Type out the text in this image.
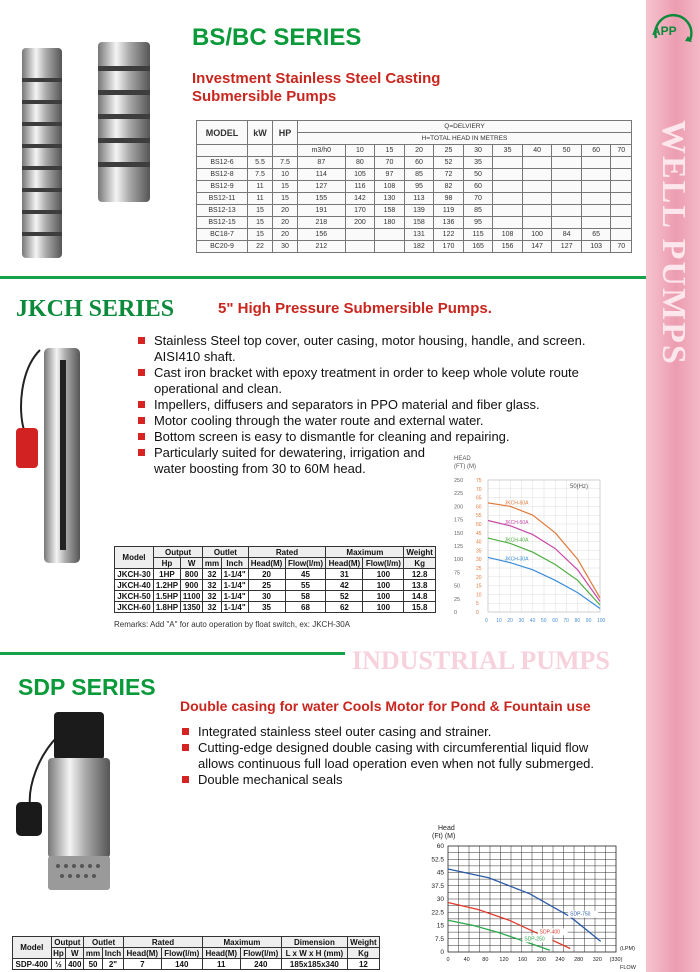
WELL PUMPS
APP
BS/BC SERIES
Investment Stainless Steel Casting
Submersible Pumps
MODEL	kW	HP	Q=DELVIERY										
			H=TOTAL HEAD IN METRES										
			m3/h0	10	15	20	25	30	35	40	50	60	70
BS12-6	5.5	7.5	87	80	70	60	52	35					
BS12-8	7.5	10	114	105	97	85	72	50					
BS12-9	11	15	127	116	108	95	82	60					
BS12-11	11	15	155	142	130	113	98	70					
BS12-13	15	20	191	170	158	139	119	85					
BS12-15	15	20	218	200	180	158	136	95					
BC18-7	15	20	156			131	122	115	108	100	84	65	
BC20-9	22	30	212			182	170	165	156	147	127	103	70
JKCH SERIES	5" High Pressure Submersible Pumps.
Stainless Steel top cover, outer casing, motor housing, handle, and screen. AISI410 shaft.
Cast iron bracket with epoxy treatment in order to keep whole volute route operational and clean.
Impellers, diffusers and separators in PPO material and fiber glass.
Motor cooling through the water route and external water.
Bottom screen is easy to dismantle for cleaning and repairing.
Particularly suited for dewatering, irrigation and water boosting from 30 to 60M head.
Model	Output		Outlet		Rated		Maximum		Weight
	Hp	W	mm	Inch	Head(M)	Flow(l/m)	Head(M)	Flow(l/m)	Kg
JKCH-30	1HP	800	32	1-1/4"	20	45	31	100	12.8
JKCH-40	1.2HP	900	32	1-1/4"	25	55	42	100	13.8
JKCH-50	1.5HP	1100	32	1-1/4"	30	58	52	100	14.8
JKCH-60	1.8HP	1350	32	1-1/4"	35	68	62	100	15.8
Remarks: Add "A" for auto operation by float switch, ex: JKCH-30A
HEAD
(FT) (M)
50(Hz)
250
225
200
175
150
125
100
75
50
25
0
75
70
65
60
55
50
45
40
35
30
25
20
15
10
5
0
0 10 20 30 40 50 60 70 80 90 100
JKCH-60A
JKCH-50A
JKCH-40A
JKCH-30A
INDUSTRIAL PUMPS
SDP SERIES
Double casing for water Cools Motor for Pond & Fountain use
Integrated stainless steel outer casing and strainer.
Cutting-edge designed double casing with circumferential liquid flow allows continuous full load operation even when not fully submerged.
Double mechanical seals
Head
(Ft) (M)
60
52.5
45
37.5
30
22.5
15
7.5
0
0	40 80 120 160 200 240 280 320 (330)
(LPM)
FLOW
SDP-750
SDP-400
SDP-250
Model	Output		Outlet		Rated		Maximum		Dimension	Weight
	Hp	W	mm	Inch	Head(M)	Flow(l/m)	Head(M)	Flow(l/m)	L x W x H (mm)	Kg
SDP-400	½	400	50	2"	7	140	11	240	185x185x340	12
